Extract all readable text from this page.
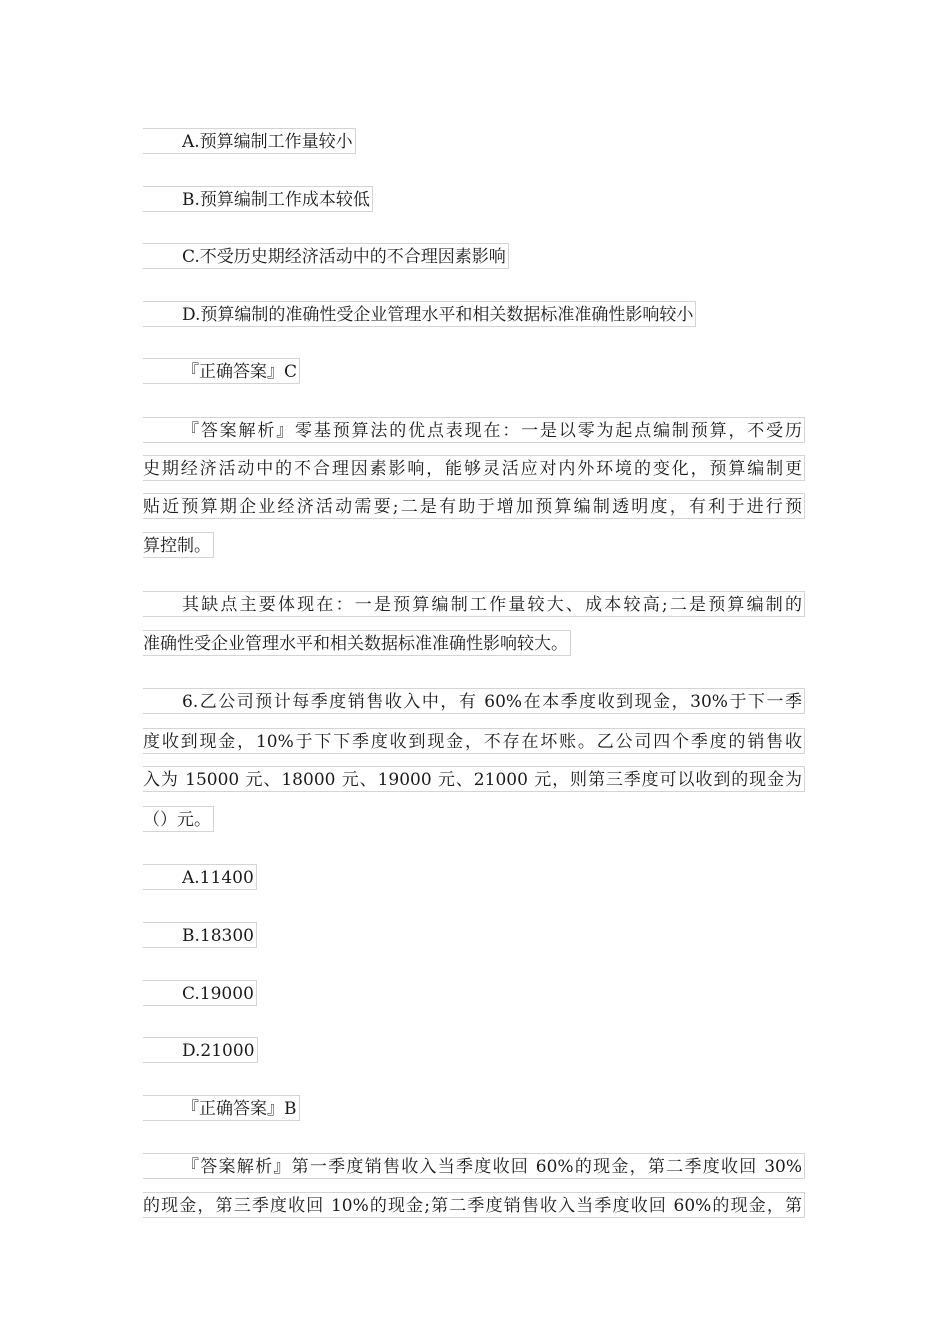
A.预算编制工作量较小
B.预算编制工作成本较低
C.不受历史期经济活动中的不合理因素影响
D.预算编制的准确性受企业管理水平和相关数据标准准确性影响较小
『正确答案』C
『答案解析』零基预算法的优点表现在：一是以零为起点编制预算，不受历
史期经济活动中的不合理因素影响，能够灵活应对内外环境的变化，预算编制更
贴近预算期企业经济活动需要;二是有助于增加预算编制透明度，有利于进行预
算控制。
其缺点主要体现在：一是预算编制工作量较大、成本较高;二是预算编制的
准确性受企业管理水平和相关数据标准准确性影响较大。
6.乙公司预计每季度销售收入中，有 60%在本季度收到现金，30%于下一季
度收到现金，10%于下下季度收到现金，不存在坏账。乙公司四个季度的销售收
入为 15000 元、18000 元、19000 元、21000 元，则第三季度可以收到的现金为
（）元。
A.11400
B.18300
C.19000
D.21000
『正确答案』B
『答案解析』第一季度销售收入当季度收回 60%的现金，第二季度收回 30%
的现金，第三季度收回 10%的现金;第二季度销售收入当季度收回 60%的现金，第
